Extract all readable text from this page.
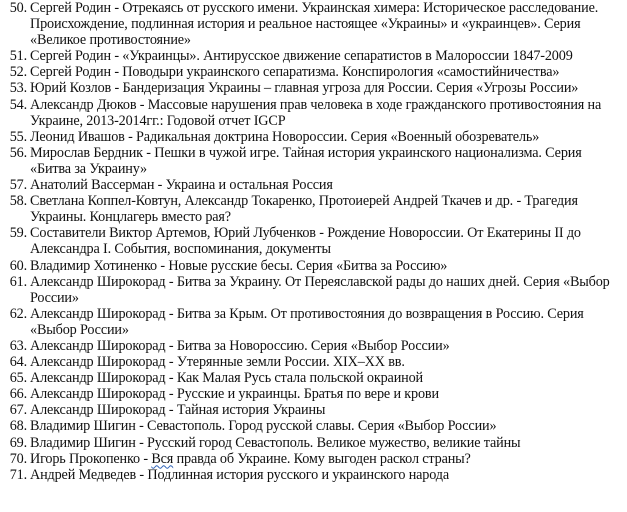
50. Сергей Родин - Отрекаясь от русского имени. Украинская химера: Историческое расследование. Происхождение, подлинная история и реальное настоящее «Украины» и «украинцев». Серия «Великое противостояние»
51. Сергей Родин - «Украинцы». Антирусское движение сепаратистов в Малороссии 1847-2009
52. Сергей Родин - Поводыри украинского сепаратизма. Конспирология «самостийничества»
53. Юрий Козлов - Бандеризация Украины – главная угроза для России. Серия «Угрозы России»
54. Александр Дюков - Массовые нарушения прав человека в ходе гражданского противостояния на Украине, 2013-2014гг.: Годовой отчет IGCP
55. Леонид Ивашов - Радикальная доктрина Новороссии. Серия «Военный обозреватель»
56. Мирослав Бердник - Пешки в чужой игре. Тайная история украинского национализма. Серия «Битва за Украину»
57. Анатолий Вассерман - Украина и остальная Россия
58. Светлана Коппел-Ковтун, Александр Токаренко, Протоиерей Андрей Ткачев и др. - Трагедия Украины. Концлагерь вместо рая?
59. Составители Виктор Артемов, Юрий Лубченков - Рождение Новороссии. От Екатерины II до Александра I. События, воспоминания, документы
60. Владимир Хотиненко - Новые русские бесы. Серия «Битва за Россию»
61. Александр Широкорад - Битва за Украину. От Переяславской рады до наших дней. Серия «Выбор России»
62. Александр Широкорад - Битва за Крым. От противостояния до возвращения в Россию. Серия «Выбор России»
63. Александр Широкорад - Битва за Новороссию. Серия «Выбор России»
64. Александр Широкорад - Утерянные земли России. XIX–XX вв.
65. Александр Широкорад - Как Малая Русь стала польской окраиной
66. Александр Широкорад - Русские и украинцы. Братья по вере и крови
67. Александр Широкорад - Тайная история Украины
68. Владимир Шигин - Севастополь. Город русской славы. Серия «Выбор России»
69. Владимир Шигин - Русский город Севастополь. Великое мужество, великие тайны
70. Игорь Прокопенко - Вся правда об Украине. Кому выгоден раскол страны?
71. Андрей Медведев - Подлинная история русского и украинского народа
